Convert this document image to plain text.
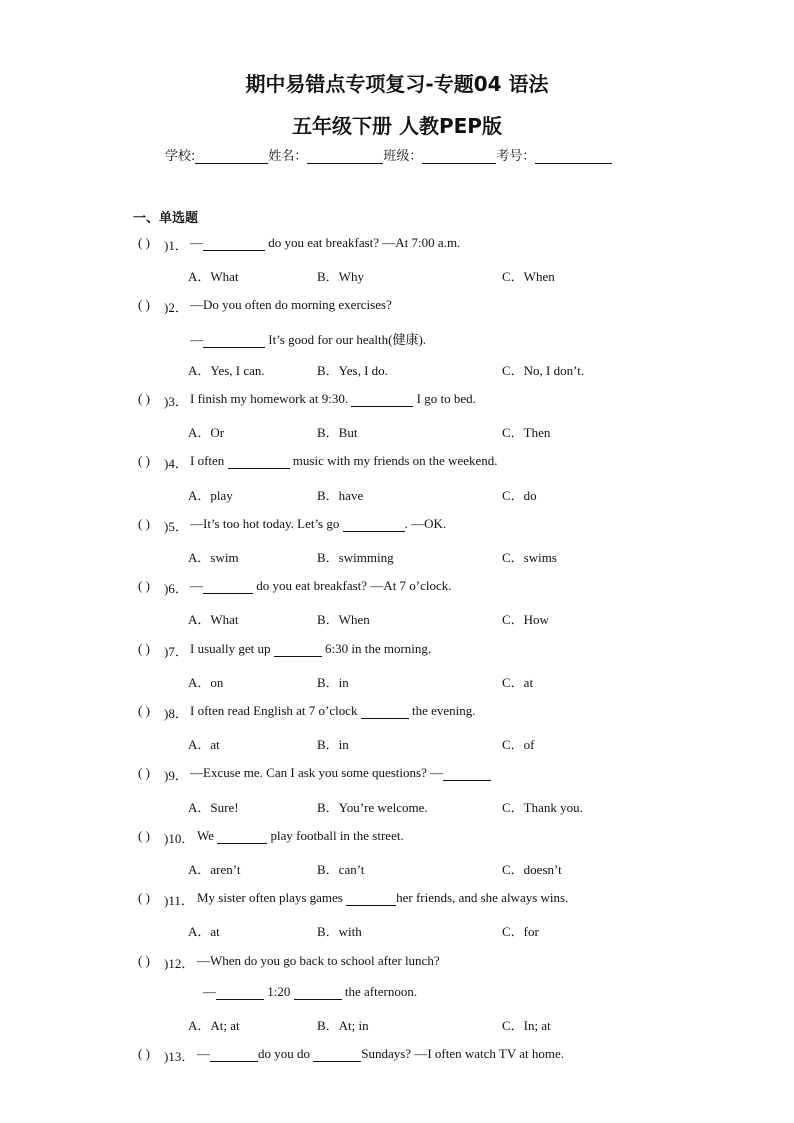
期中易错点专项复习-专题04 语法
五年级下册 人教PEP版
学校:	姓名：	班级：	考号：
一、单选题
( ) )1． —	do you eat breakfast? —At 7:00 a.m.
A．What	B．Why	C．When
( ) )2． —Do you often do morning exercises?
—	It’s good for our health(健康).
A．Yes, I can.	B．Yes, I do.	C．No, I don’t.
( ) )3． I finish my homework at 9:30.	I go to bed.
A．Or	B．But	C．Then
( ) )4． I often	music with my friends on the weekend.
A．play	B．have	C．do
( ) )5． —It’s too hot today. Let’s go	. —OK.
A．swim	B．swimming	C．swims
( ) )6． —	do you eat breakfast? —At 7 o’clock.
A．What	B．When	C．How
( ) )7． I usually get up	6:30 in the morning.
A．on	B．in	C．at
( ) )8． I often read English at 7 o’clock	the evening.
A．at	B．in	C．of
( ) )9． —Excuse me. Can I ask you some questions? —
A．Sure!	B．You’re welcome.	C．Thank you.
( ) )10． We	play football in the street.
A．aren’t	B．can’t	C．doesn’t
( ) )11． My sister often plays games	her friends, and she always wins.
A．at	B．with	C．for
( ) )12． —When do you go back to school after lunch?
—	1:20	the afternoon.
A．At; at	B．At; in	C．In; at
( ) )13． —	do you do	Sundays? —I often watch TV at home.
